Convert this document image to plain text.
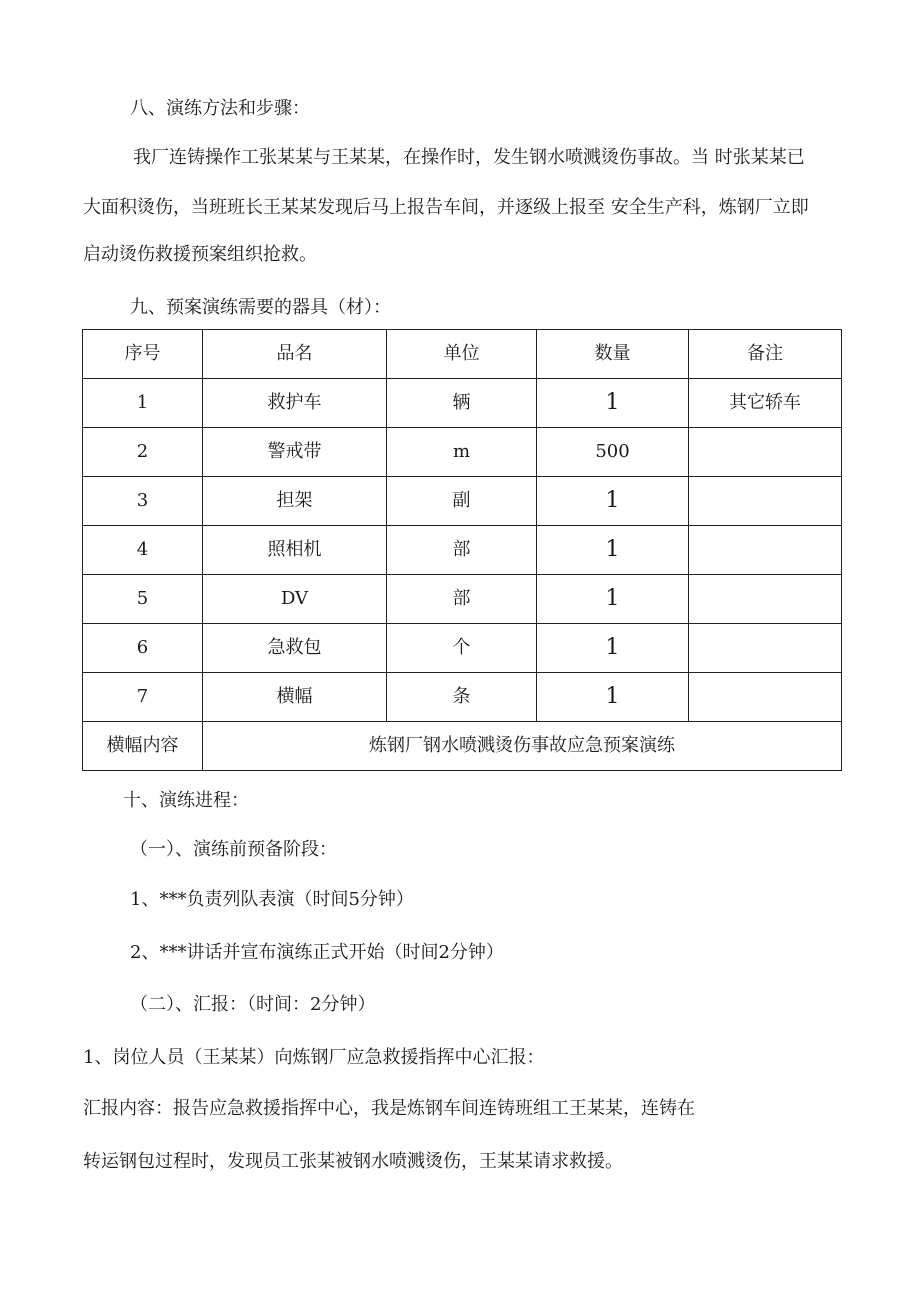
八、演练方法和步骤：
我厂连铸操作工张某某与王某某，在操作时，发生钢水喷溅烫伤事故。当 时张某某已
大面积烫伤，当班班长王某某发现后马上报告车间，并逐级上报至 安全生产科，炼钢厂立即
启动烫伤救援预案组织抢救。
九、预案演练需要的器具（材）：
序号	品名	单位	数量	备注
1	救护车	辆	1	其它轿车
2	警戒带	m	500	
3	担架	副	1	
4	照相机	部	1	
5	DV	部	1	
6	急救包	个	1	
7	横幅	条	1	
横幅内容	炼钢厂钢水喷溅烫伤事故应急预案演练			
十、演练进程：
（一）、演练前预备阶段：
1、***负责列队表演（时间5分钟）
2、***讲话并宣布演练正式开始（时间2分钟）
（二）、汇报：（时间：2分钟）
1、岗位人员（王某某）向炼钢厂应急救援指挥中心汇报：
汇报内容：报告应急救援指挥中心，我是炼钢车间连铸班组工王某某，连铸在
转运钢包过程时，发现员工张某被钢水喷溅烫伤，王某某请求救援。
